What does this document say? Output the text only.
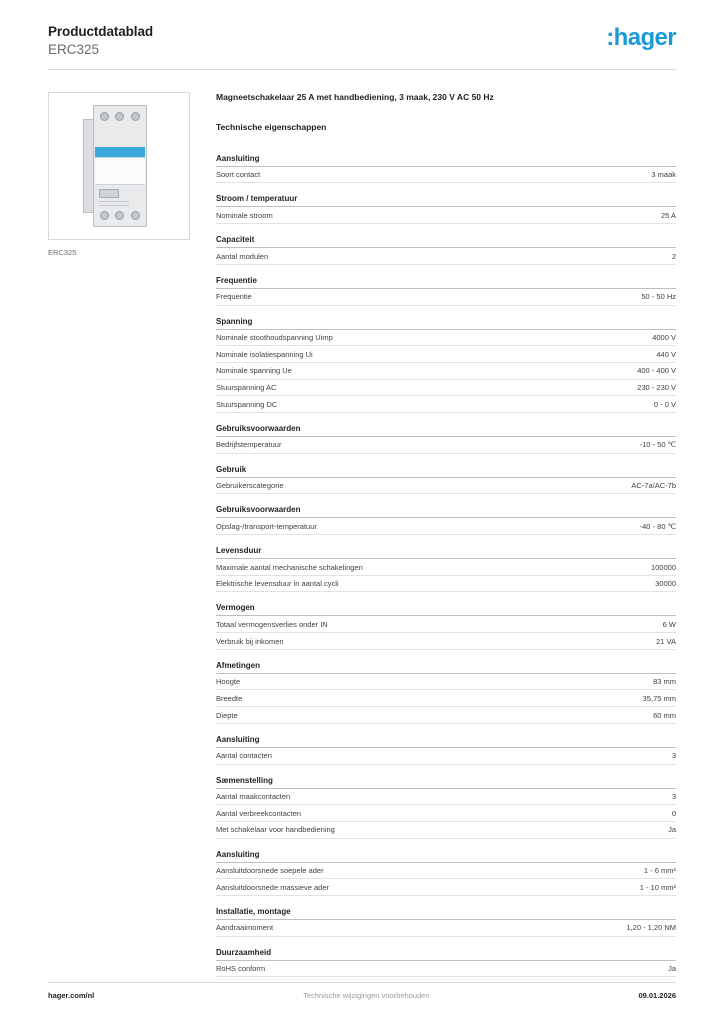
Productdatablad
ERC325	:hager
ERC325
Magneetschakelaar 25 A met handbediening, 3 maak, 230 V AC 50 Hz
Technische eigenschappen
Aansluiting
Soort contact	3 maak
Stroom / temperatuur
Nominale stroom	25 A
Capaciteit
Aantal modulen	2
Frequentie
Frequentie	50 - 50 Hz
Spanning
Nominale stoothoudspanning Uimp	4000 V
Nominale isolatiespanning Ui	440 V
Nominale spanning Ue	400 - 400 V
Stuurspanning AC	230 - 230 V
Stuurspanning DC	0 - 0 V
Gebruiksvoorwaarden
Bedrijfstemperatuur	-10 - 50 ℃
Gebruik
Gebruikerscategorie	AC-7a/AC-7b
Gebruiksvoorwaarden
Opslag-/transport-temperatuur	-40 - 80 ℃
Levensduur
Maximale aantal mechanische schakelingen	100000
Elektrische levensduur in aantal cycli	30000
Vermogen
Totaal vermogensverlies onder IN	6 W
Verbruik bij inkomen	21 VA
Afmetingen
Hoogte	83 mm
Breedte	35,75 mm
Diepte	60 mm
Aansluiting
Aantal contacten	3
Sæmenstelling
Aantal maakcontacten	3
Aantal verbreekcontacten	0
Met schakelaar voor handbediening	Ja
Aansluiting
Aansluitdoorsnede soepele ader	1 - 6 mm²
Aansluitdoorsnede massieve ader	1 - 10 mm²
Installatie, montage
Aandraaimoment	1,20 - 1,20 NM
Duurzaamheid
RoHS conform	Ja
hager.com/nl	Technische wijzigingen voorbehouden	09.01.2026
